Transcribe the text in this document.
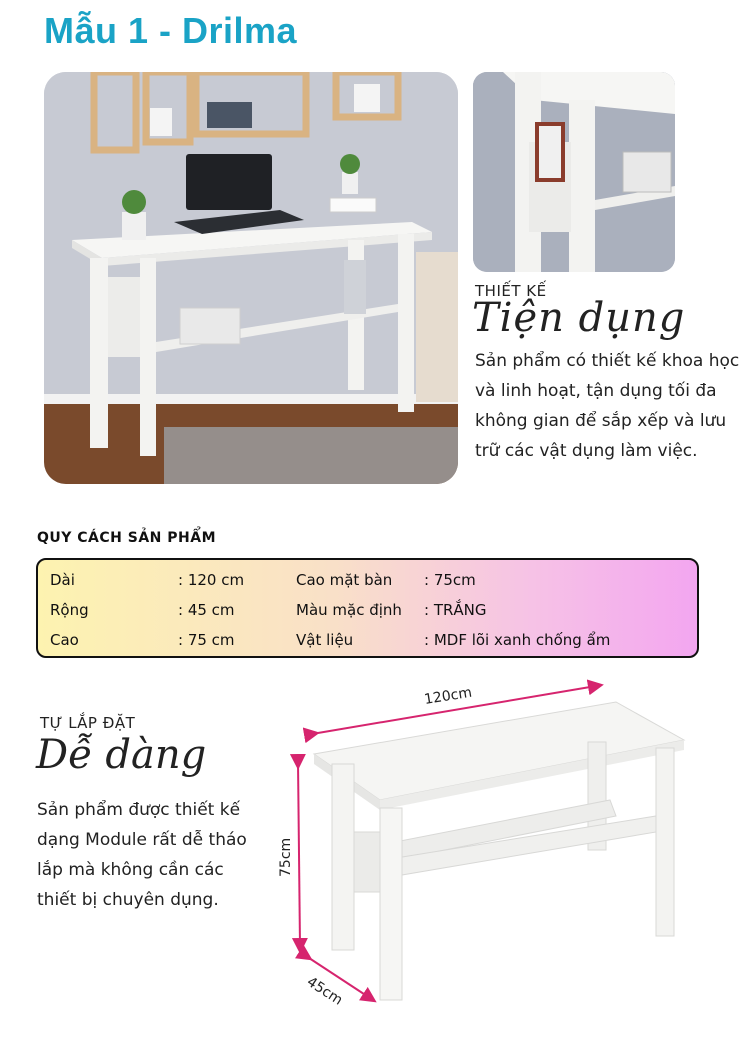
Mẫu 1 - Drilma
THIẾT KẾ
Tiện dụng
Sản phẩm có thiết kế khoa học và linh hoạt, tận dụng tối đa không gian để sắp xếp và lưu trữ các vật dụng làm việc.
QUY CÁCH SẢN PHẨM
Dài	: 120 cm	Cao mặt bàn : 75cm
Rộng	: 45 cm	Màu mặc định : TRẮNG
Cao	: 75 cm	Vật liệu	: MDF lõi xanh chống ẩm
TỰ LẮP ĐẶT
Dễ dàng
Sản phẩm được thiết kế dạng Module rất dễ tháo lắp mà không cần các thiết bị chuyên dụng.
120cm
75cm
45cm
